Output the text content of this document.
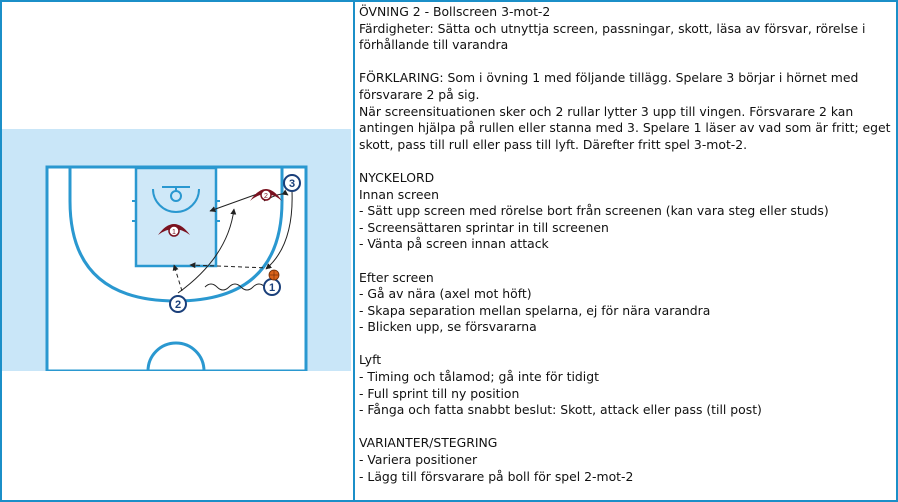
1
2
3
2
1
ÖVNING 2 - Bollscreen 3-mot-2
Färdigheter: Sätta och utnyttja screen, passningar, skott, läsa av försvar, rörelse i förhållande till varandra
FÖRKLARING: Som i övning 1 med följande tillägg. Spelare 3 börjar i hörnet med försvarare 2 på sig.
När screensituationen sker och 2 rullar lytter 3 upp till vingen. Försvarare 2 kan antingen hjälpa på rullen eller stanna med 3. Spelare 1 läser av vad som är fritt; eget skott, pass till rull eller pass till lyft. Därefter fritt spel 3-mot-2.
NYCKELORD
Innan screen
- Sätt upp screen med rörelse bort från screenen (kan vara steg eller studs)
- Screensättaren sprintar in till screenen
- Vänta på screen innan attack
Efter screen
- Gå av nära (axel mot höft)
- Skapa separation mellan spelarna, ej för nära varandra
- Blicken upp, se försvararna
Lyft
- Timing och tålamod; gå inte för tidigt
- Full sprint till ny position
- Fånga och fatta snabbt beslut: Skott, attack eller pass (till post)
VARIANTER/STEGRING
- Variera positioner
- Lägg till försvarare på boll för spel 2-mot-2
